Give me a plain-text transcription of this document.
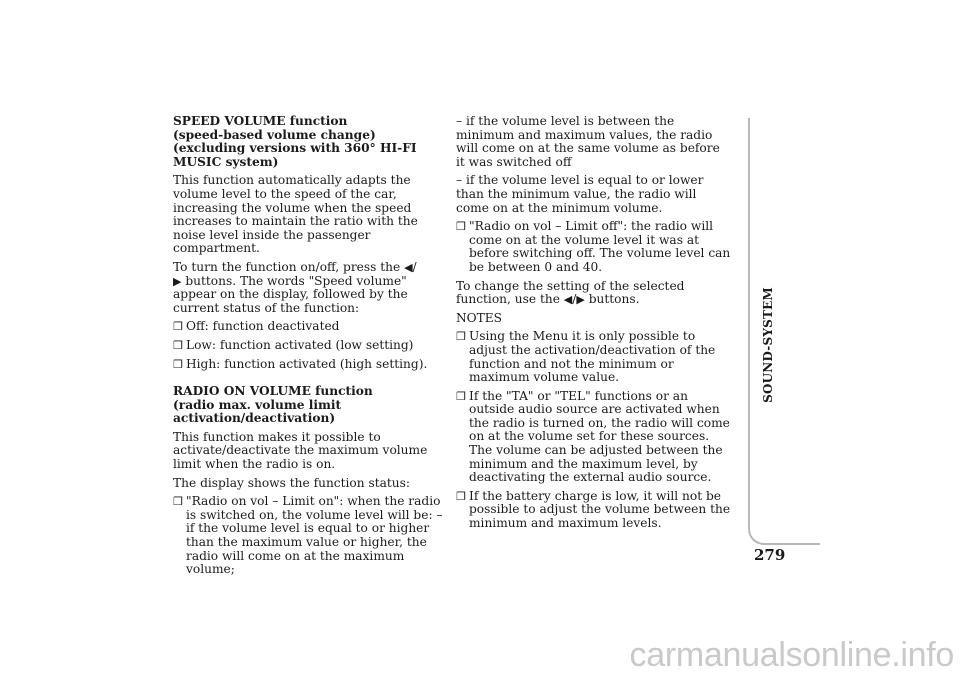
SPEED VOLUME function
(speed-based volume change)
(excluding versions with 360° HI-FI MUSIC system)

This function automatically adapts the volume level to the speed of the car, increasing the volume when the speed increases to maintain the ratio with the noise level inside the passenger compartment.

To turn the function on/off, press the ◀/ ▶ buttons. The words "Speed volume" appear on the display, followed by the current status of the function:

❒ Off: function deactivated
❒ Low: function activated (low setting)
❒ High: function activated (high setting).
RADIO ON VOLUME function
(radio max. volume limit
activation/deactivation)

This function makes it possible to activate/deactivate the maximum volume limit when the radio is on.

The display shows the function status:

❒ "Radio on vol – Limit on": when the radio is switched on, the volume level will be: – if the volume level is equal to or higher than the maximum value or higher, the radio will come on at the maximum volume;

– if the volume level is between the minimum and maximum values, the radio will come on at the same volume as before it was switched off

– if the volume level is equal to or lower than the minimum value, the radio will come on at the minimum volume.

❒ "Radio on vol – Limit off": the radio will come on at the volume level it was at before switching off. The volume level can be between 0 and 40.

To change the setting of the selected function, use the ◀/▶ buttons.

NOTES
❒ Using the Menu it is only possible to adjust the activation/deactivation of the function and not the minimum or maximum volume value.
❒ If the "TA" or "TEL" functions or an outside audio source are activated when the radio is turned on, the radio will come on at the volume set for these sources. The volume can be adjusted between the minimum and the maximum level, by deactivating the external audio source.
❒ If the battery charge is low, it will not be possible to adjust the volume between the minimum and maximum levels.
SOUND-SYSTEM
279
carmanualsonline.info
